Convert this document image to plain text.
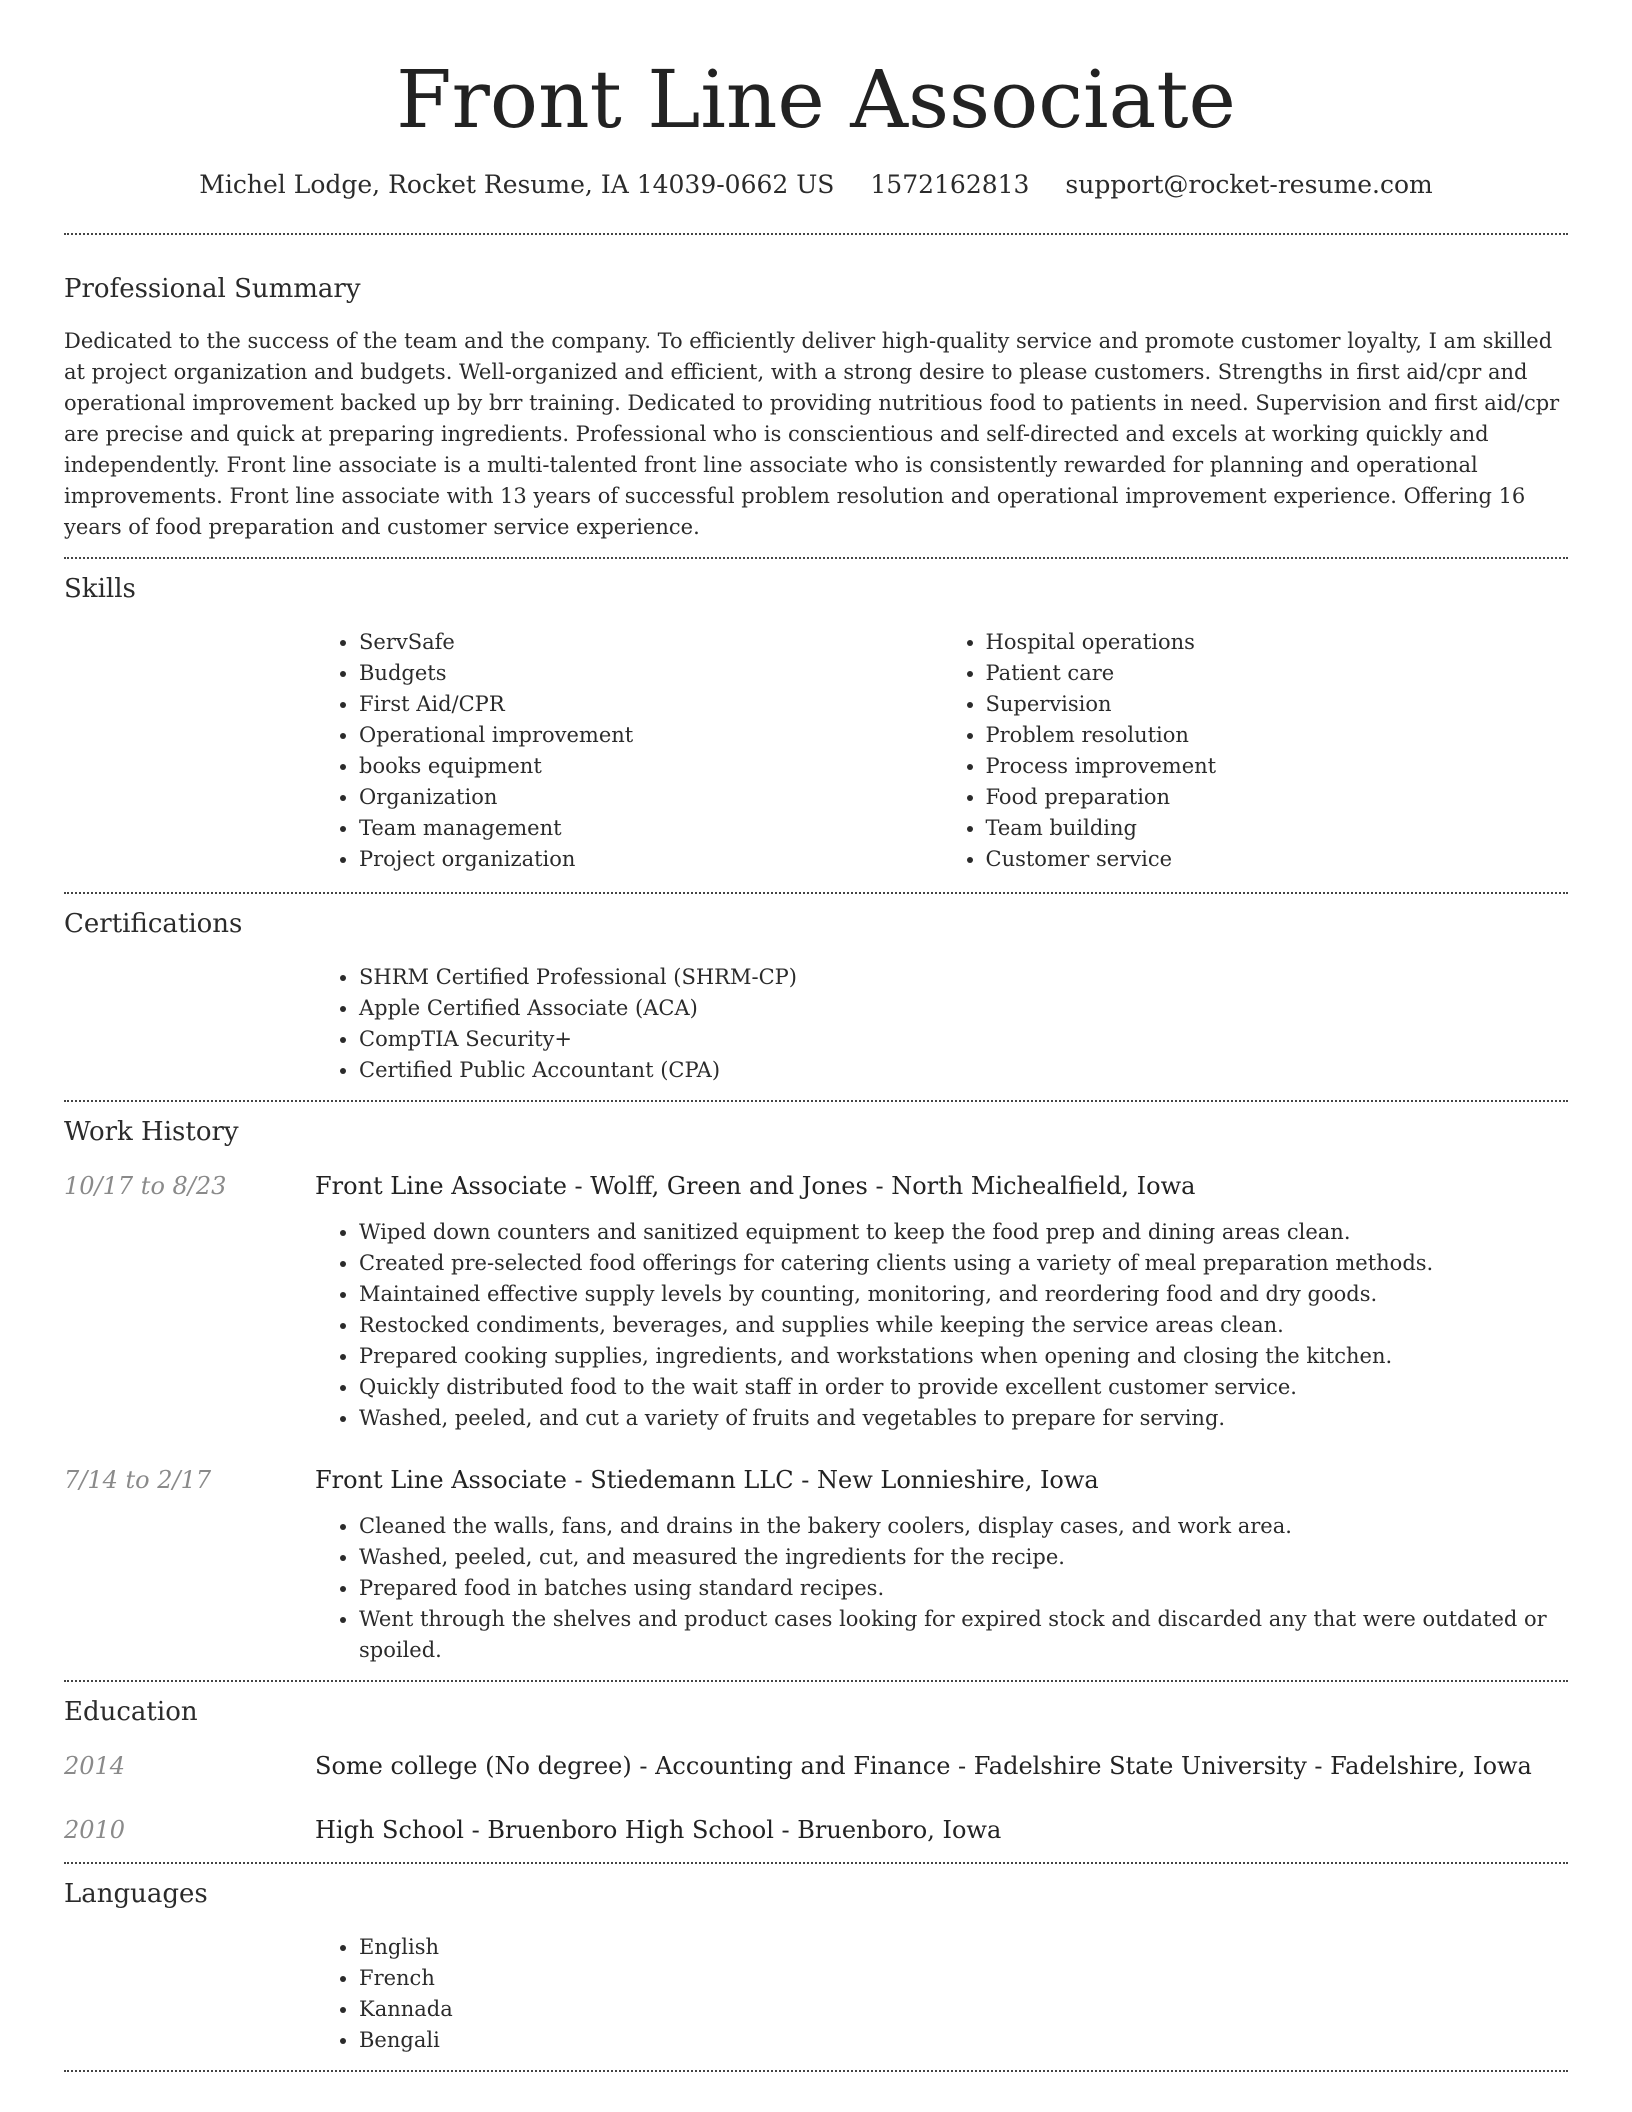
Front Line Associate
Michel Lodge, Rocket Resume, IA 14039-0662 US 1572162813 support@rocket-resume.com
Professional Summary

Dedicated to the success of the team and the company. To efficiently deliver high-quality service and promote customer loyalty, I am skilled at project organization and budgets. Well-organized and efficient, with a strong desire to please customers. Strengths in first aid/cpr and operational improvement backed up by brr training. Dedicated to providing nutritious food to patients in need. Supervision and first aid/cpr are precise and quick at preparing ingredients. Professional who is conscientious and self-directed and excels at working quickly and independently. Front line associate is a multi-talented front line associate who is consistently rewarded for planning and operational improvements. Front line associate with 13 years of successful problem resolution and operational improvement experience. Offering 16 years of food preparation and customer service experience.

Skills
• ServSafe
• Budgets
• First Aid/CPR
• Operational improvement
• books equipment
• Organization
• Team management
• Project organization
• Hospital operations
• Patient care
• Supervision
• Problem resolution
• Process improvement
• Food preparation
• Team building
• Customer service
Certifications
• SHRM Certified Professional (SHRM-CP)
• Apple Certified Associate (ACA)
• CompTIA Security+
• Certified Public Accountant (CPA)
Work History
10/17 to 8/23	Front Line Associate - Wolff, Green and Jones - North Michealfield, Iowa
• Wiped down counters and sanitized equipment to keep the food prep and dining areas clean.
• Created pre-selected food offerings for catering clients using a variety of meal preparation methods.
• Maintained effective supply levels by counting, monitoring, and reordering food and dry goods.
• Restocked condiments, beverages, and supplies while keeping the service areas clean.
• Prepared cooking supplies, ingredients, and workstations when opening and closing the kitchen.
• Quickly distributed food to the wait staff in order to provide excellent customer service.
• Washed, peeled, and cut a variety of fruits and vegetables to prepare for serving.
7/14 to 2/17	Front Line Associate - Stiedemann LLC - New Lonnieshire, Iowa
• Cleaned the walls, fans, and drains in the bakery coolers, display cases, and work area.
• Washed, peeled, cut, and measured the ingredients for the recipe.
• Prepared food in batches using standard recipes.
• Went through the shelves and product cases looking for expired stock and discarded any that were outdated or spoiled.
Education
2014	Some college (No degree) - Accounting and Finance - Fadelshire State University - Fadelshire, Iowa
2010	High School - Bruenboro High School - Bruenboro, Iowa
Languages
• English
• French
• Kannada
• Bengali
